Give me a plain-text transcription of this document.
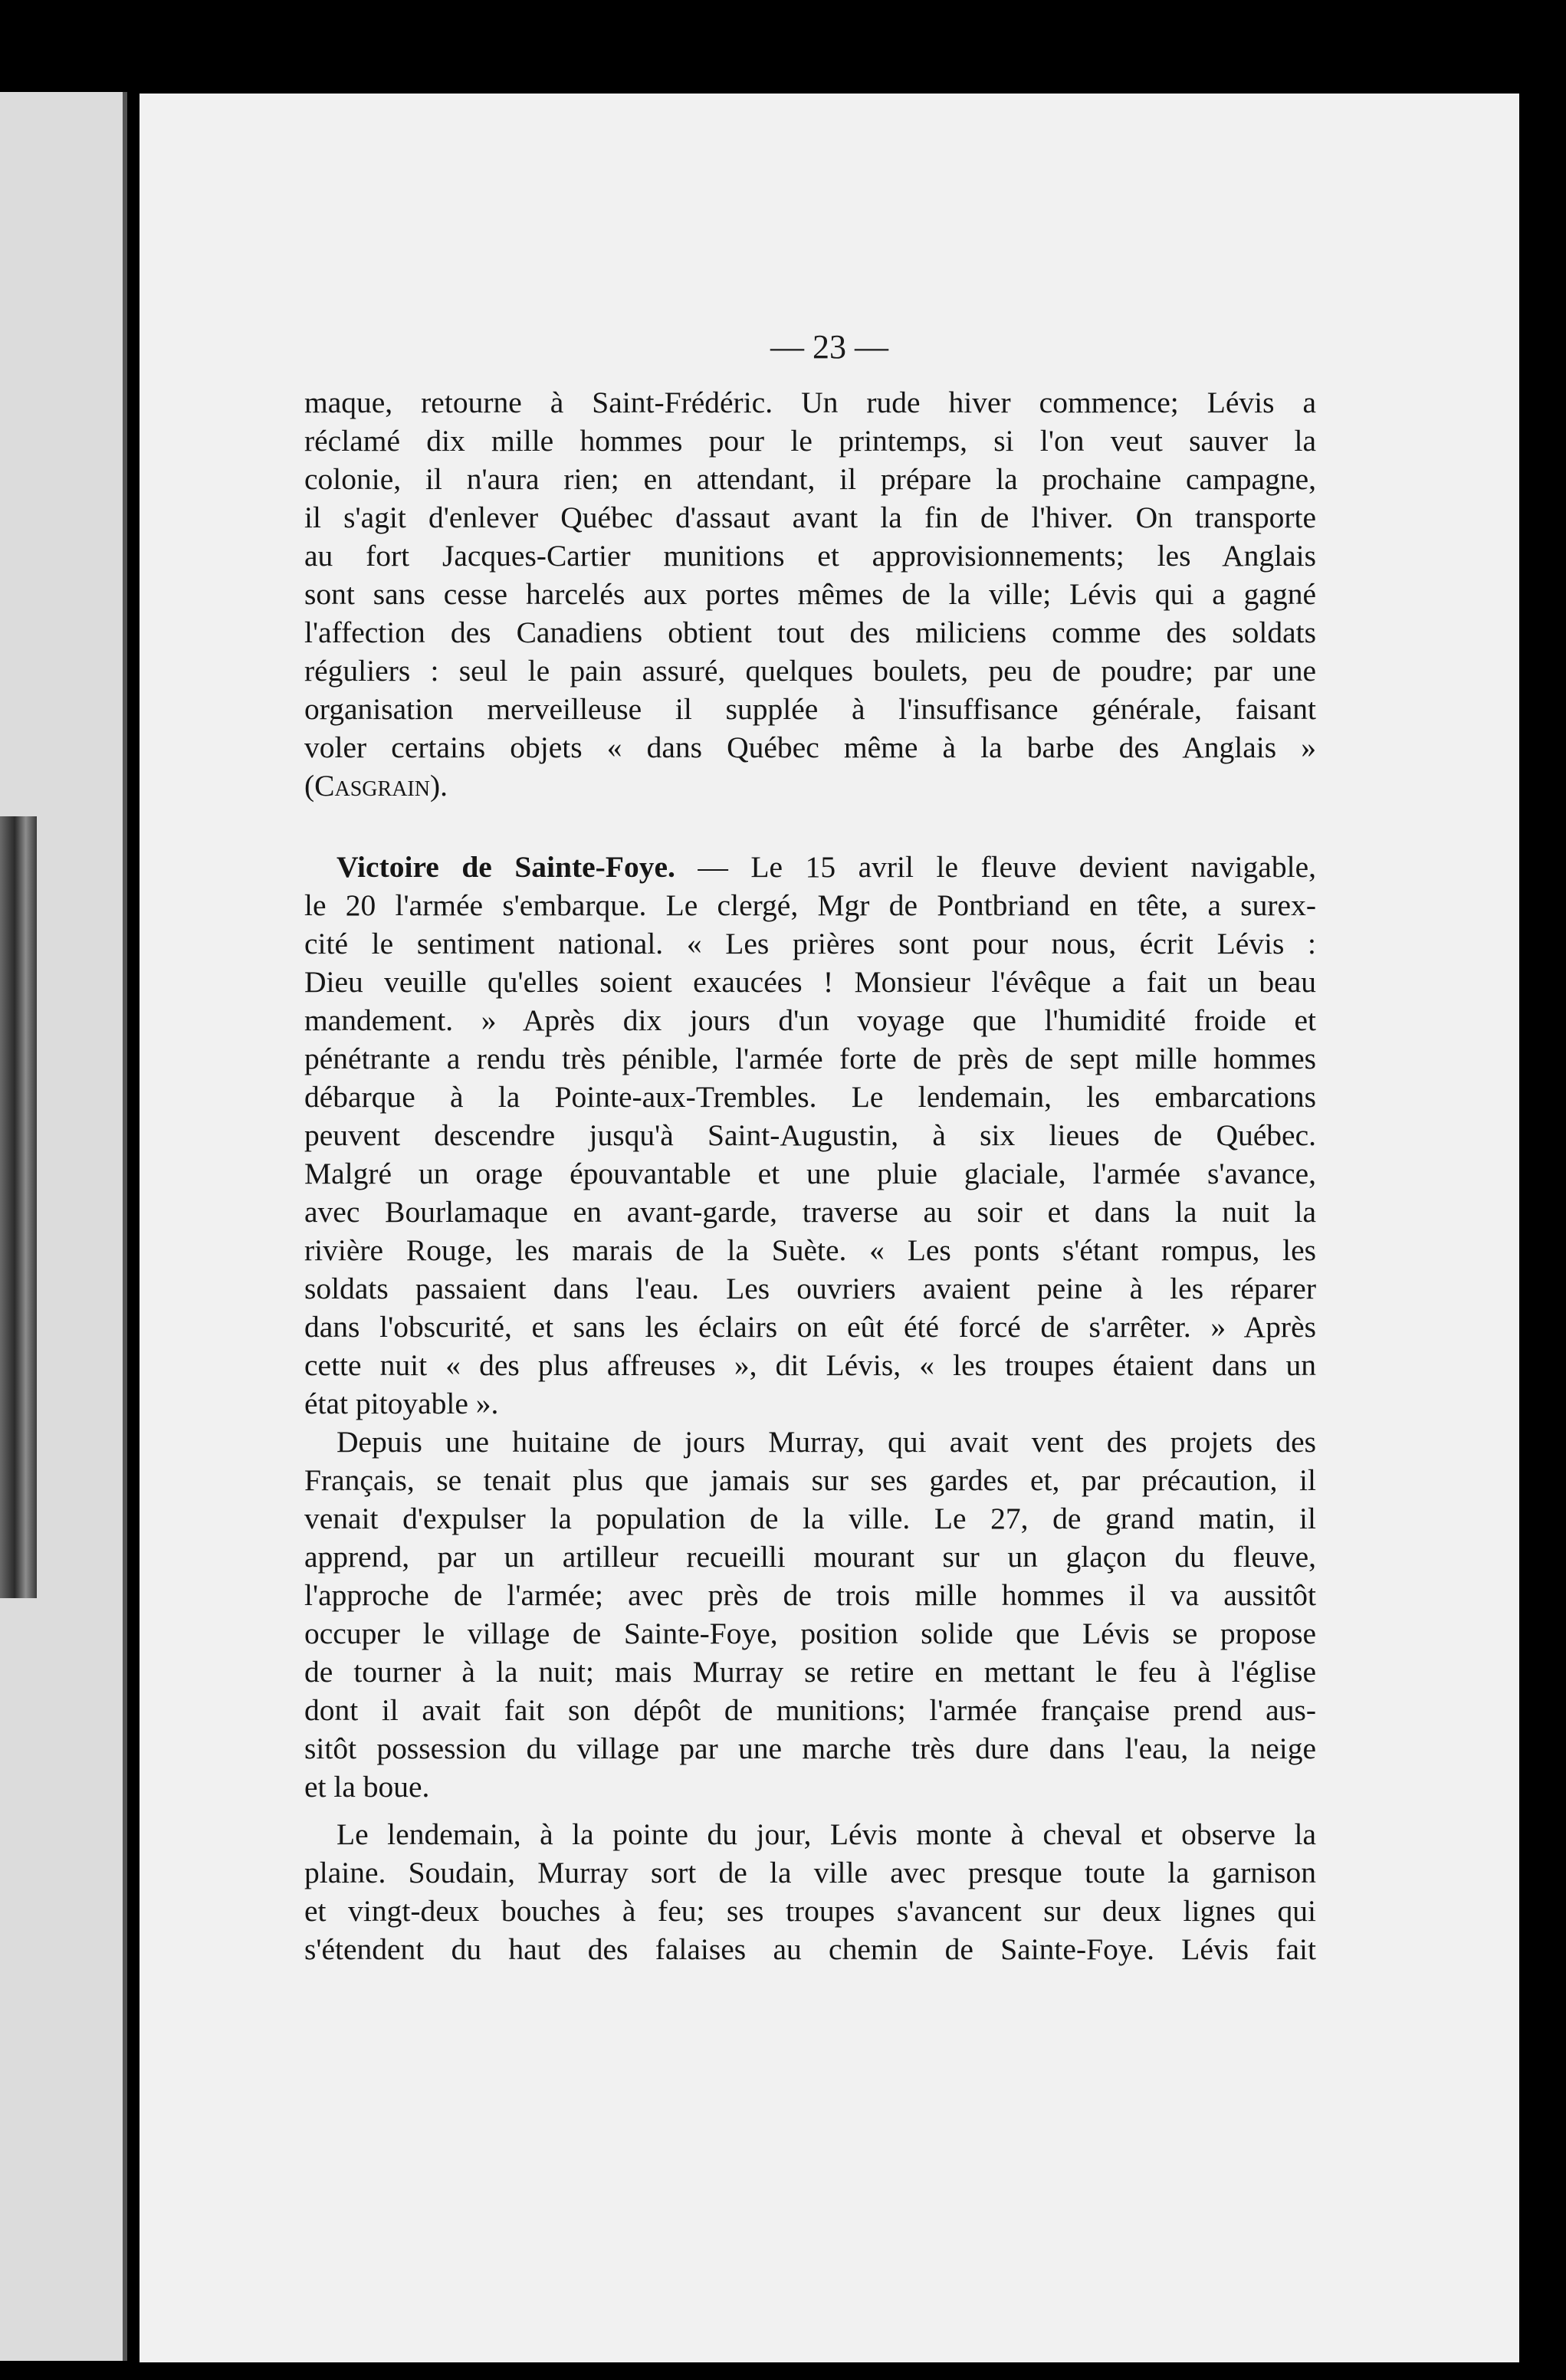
— 23 —
maque, retourne à Saint-Frédéric. Un rude hiver commence; Lévis a
réclamé dix mille hommes pour le printemps, si l'on veut sauver la
colonie, il n'aura rien; en attendant, il prépare la prochaine campagne,
il s'agit d'enlever Québec d'assaut avant la fin de l'hiver. On transporte
au fort Jacques-Cartier munitions et approvisionnements; les Anglais
sont sans cesse harcelés aux portes mêmes de la ville; Lévis qui a gagné
l'affection des Canadiens obtient tout des miliciens comme des soldats
réguliers : seul le pain assuré, quelques boulets, peu de poudre; par une
organisation merveilleuse il supplée à l'insuffisance générale, faisant
voler certains objets « dans Québec même à la barbe des Anglais »
(Casgrain).
Victoire de Sainte-Foye. — Le 15 avril le fleuve devient navigable,
le 20 l'armée s'embarque. Le clergé, Mgr de Pontbriand en tête, a surex-
cité le sentiment national. « Les prières sont pour nous, écrit Lévis :
Dieu veuille qu'elles soient exaucées ! Monsieur l'évêque a fait un beau
mandement. » Après dix jours d'un voyage que l'humidité froide et
pénétrante a rendu très pénible, l'armée forte de près de sept mille hommes
débarque à la Pointe-aux-Trembles. Le lendemain, les embarcations
peuvent descendre jusqu'à Saint-Augustin, à six lieues de Québec.
Malgré un orage épouvantable et une pluie glaciale, l'armée s'avance,
avec Bourlamaque en avant-garde, traverse au soir et dans la nuit la
rivière Rouge, les marais de la Suète. « Les ponts s'étant rompus, les
soldats passaient dans l'eau. Les ouvriers avaient peine à les réparer
dans l'obscurité, et sans les éclairs on eût été forcé de s'arrêter. » Après
cette nuit « des plus affreuses », dit Lévis, « les troupes étaient dans un
état pitoyable ».
Depuis une huitaine de jours Murray, qui avait vent des projets des
Français, se tenait plus que jamais sur ses gardes et, par précaution, il
venait d'expulser la population de la ville. Le 27, de grand matin, il
apprend, par un artilleur recueilli mourant sur un glaçon du fleuve,
l'approche de l'armée; avec près de trois mille hommes il va aussitôt
occuper le village de Sainte-Foye, position solide que Lévis se propose
de tourner à la nuit; mais Murray se retire en mettant le feu à l'église
dont il avait fait son dépôt de munitions; l'armée française prend aus-
sitôt possession du village par une marche très dure dans l'eau, la neige
et la boue.
Le lendemain, à la pointe du jour, Lévis monte à cheval et observe la
plaine. Soudain, Murray sort de la ville avec presque toute la garnison
et vingt-deux bouches à feu; ses troupes s'avancent sur deux lignes qui
s'étendent du haut des falaises au chemin de Sainte-Foye. Lévis fait
